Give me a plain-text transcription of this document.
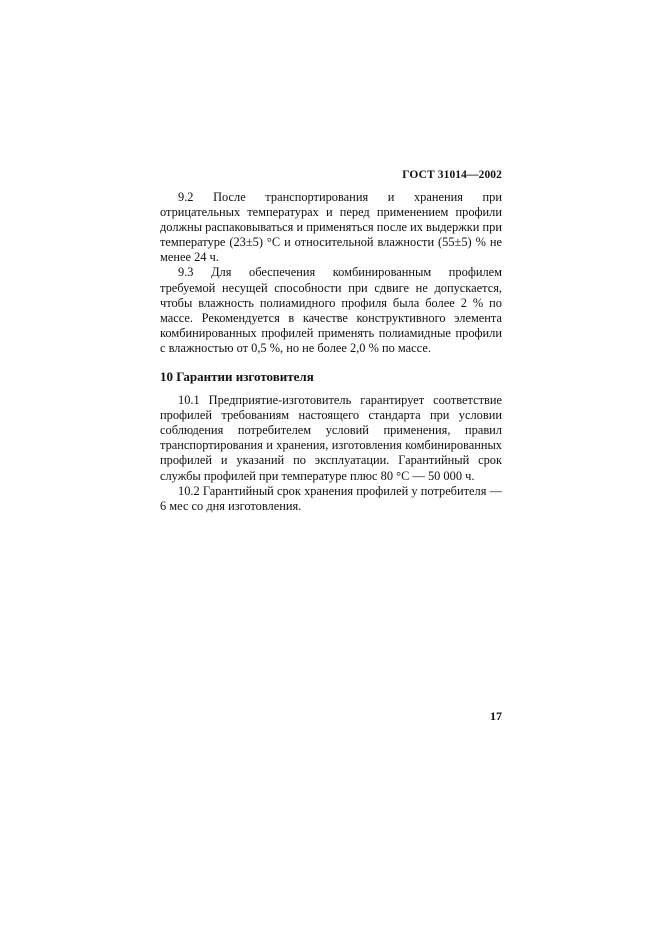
ГОСТ 31014—2002

9.2 После транспортирования и хранения при отрицательных температурах и перед применением профили должны распаковываться и применяться после их выдержки при температуре (23±5) °С и относительной влажности (55±5) % не менее 24 ч.

9.3 Для обеспечения комбинированным профилем требуемой несущей способности при сдвиге не допускается, чтобы влажность полиамидного профиля была более 2 % по массе. Рекомендуется в качестве конструктивного элемента комбинированных профилей применять полиамидные профили с влажностью от 0,5 %, но не более 2,0 % по массе.

10 Гарантии изготовителя

10.1 Предприятие-изготовитель гарантирует соответствие профилей требованиям настоящего стандарта при условии соблюдения потребителем условий применения, правил транспортирования и хранения, изготовления комбинированных профилей и указаний по эксплуатации. Гарантийный срок службы профилей при температуре плюс 80 °С — 50 000 ч.

10.2 Гарантийный срок хранения профилей у потребителя — 6 мес со дня изготовления.

17
